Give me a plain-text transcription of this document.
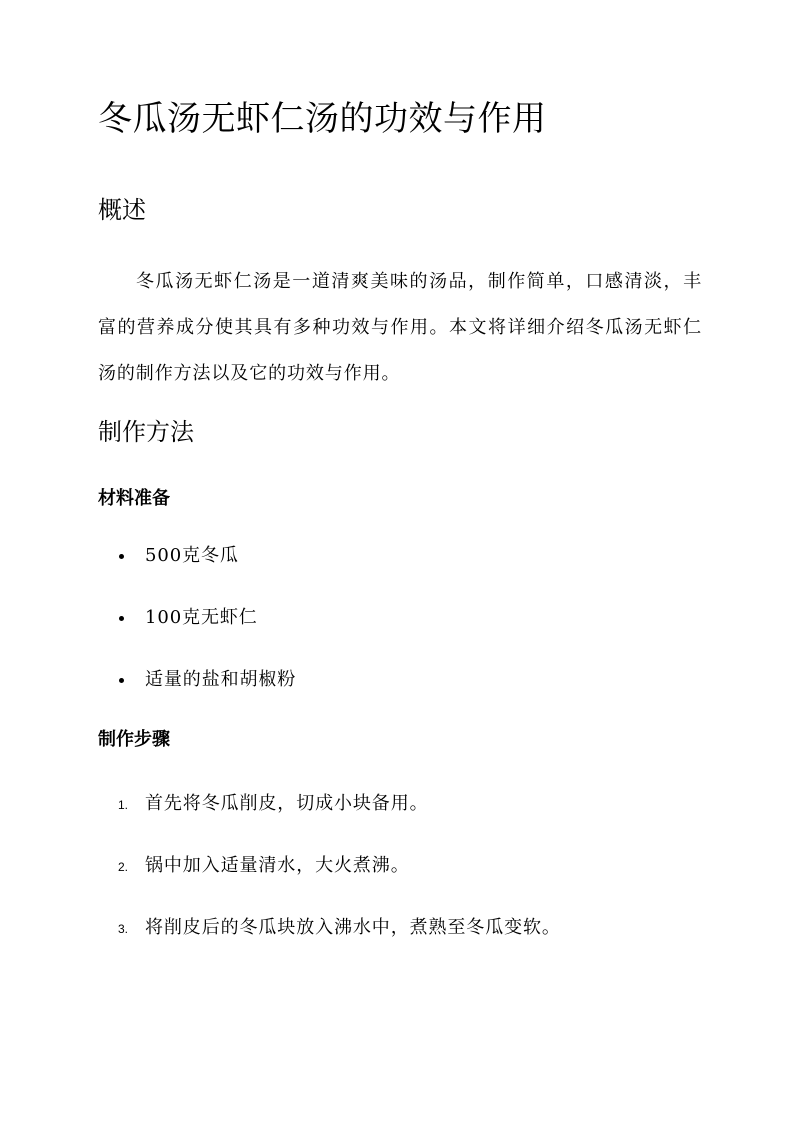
冬瓜汤无虾仁汤的功效与作用
概述

冬瓜汤无虾仁汤是一道清爽美味的汤品，制作简单，口感清淡，丰富的营养成分使其具有多种功效与作用。本文将详细介绍冬瓜汤无虾仁汤的制作方法以及它的功效与作用。

制作方法
材料准备
500克冬瓜
100克无虾仁
适量的盐和胡椒粉
制作步骤
1. 首先将冬瓜削皮，切成小块备用。
2. 锅中加入适量清水，大火煮沸。
3. 将削皮后的冬瓜块放入沸水中，煮熟至冬瓜变软。
